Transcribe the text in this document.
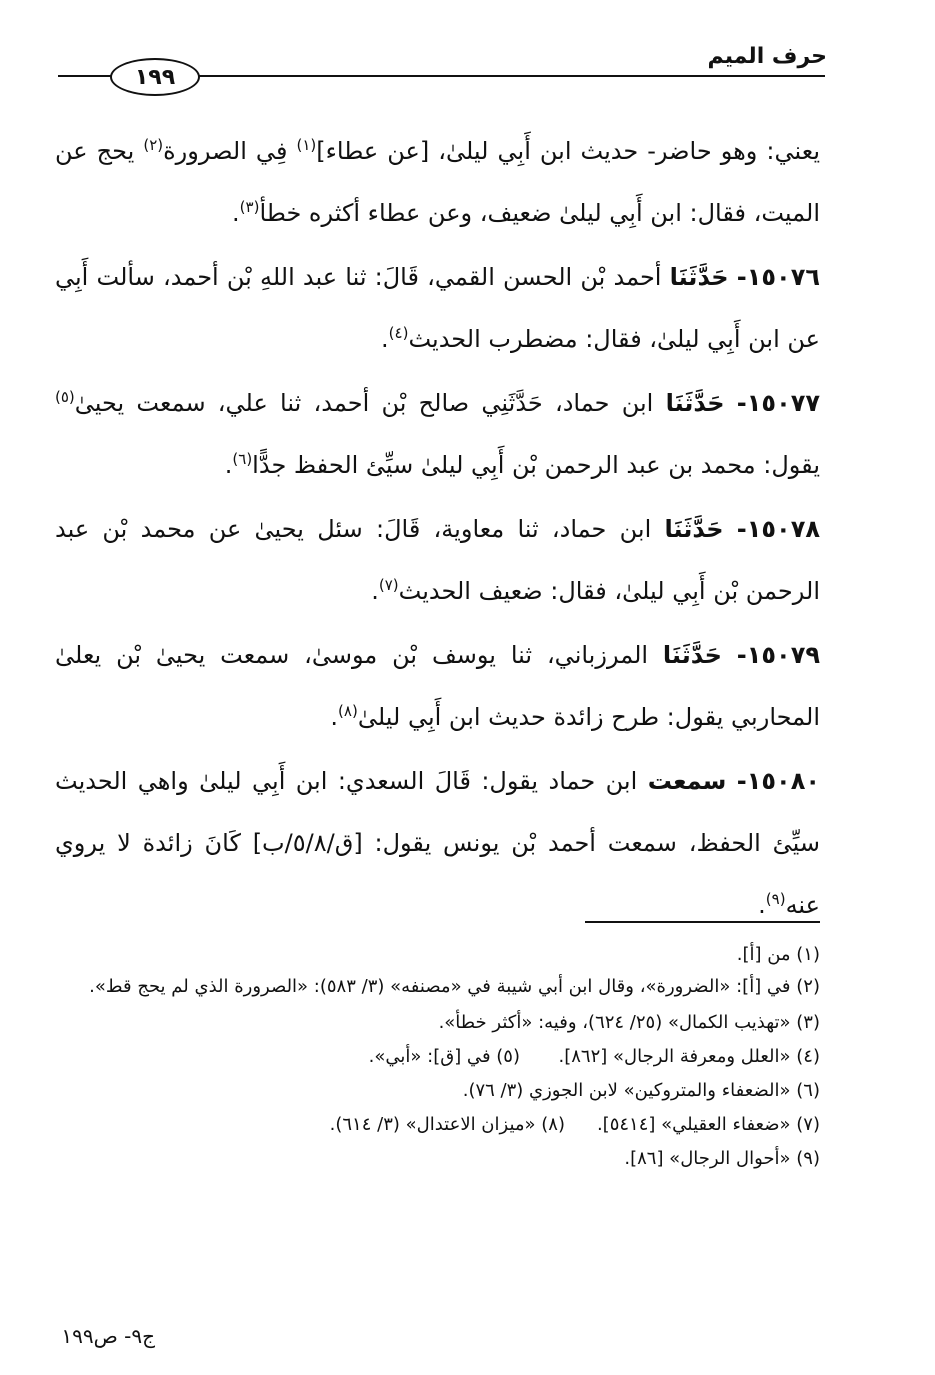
حرف الميم
١٩٩

يعني: وهو حاضر- حديث ابن أَبِي ليلىٰ، [عن عطاء]$^{(١)}$ فِي الصرورة$^{(٢)}$ يحج عن الميت، فقال: ابن أَبِي ليلىٰ ضعيف، وعن عطاء أكثره خطأ$^{(٣)}$.

١٥٠٧٦- حَدَّثَنَا أحمد بْن الحسن القمي، قَالَ: ثنا عبد اللهِ بْن أحمد، سألت أَبِي عن ابن أَبِي ليلىٰ، فقال: مضطرب الحديث$^{(٤)}$.

١٥٠٧٧- حَدَّثَنَا ابن حماد، حَدَّثَنِي صالح بْن أحمد، ثنا علي، سمعت يحيىٰ$^{(٥)}$ يقول: محمد بن عبد الرحمن بْن أَبِي ليلىٰ سيِّئ الحفظ جدًّا$^{(٦)}$.

١٥٠٧٨- حَدَّثَنَا ابن حماد، ثنا معاوية، قَالَ: سئل يحيىٰ عن محمد بْن عبد الرحمن بْن أَبِي ليلىٰ، فقال: ضعيف الحديث$^{(٧)}$.

١٥٠٧٩- حَدَّثَنَا المرزباني، ثنا يوسف بْن موسىٰ، سمعت يحيىٰ بْن يعلىٰ المحاربي يقول: طرح زائدة حديث ابن أَبِي ليلىٰ$^{(٨)}$.

١٥٠٨٠- سمعت ابن حماد يقول: قَالَ السعدي: ابن أَبِي ليلىٰ واهي الحديث سيِّئ الحفظ، سمعت أحمد بْن يونس يقول: [ق/٥/٨/ب] كَانَ زائدة لا يروي عنه$^{(٩)}$.

(١) من [أ].

(٢) في [أ]: «الضرورة»، وقال ابن أبي شيبة في «مصنفه» (٣/ ٥٨٣): «الصرورة الذي لم يحج قط».

(٣) «تهذيب الكمال» (٢٥/ ٦٢٤)، وفيه: «أكثر خطأ».

(٤) «العلل ومعرفة الرجال» [٨٦٢].
(٥) في [ق]: «أبي».

(٦) «الضعفاء والمتروكين» لابن الجوزي (٣/ ٧٦).

(٧) «ضعفاء العقيلي» [٥٤١٤].
(٨) «ميزان الاعتدال» (٣/ ٦١٤).

(٩) «أحوال الرجال» [٨٦].

ج٩- ص١٩٩
